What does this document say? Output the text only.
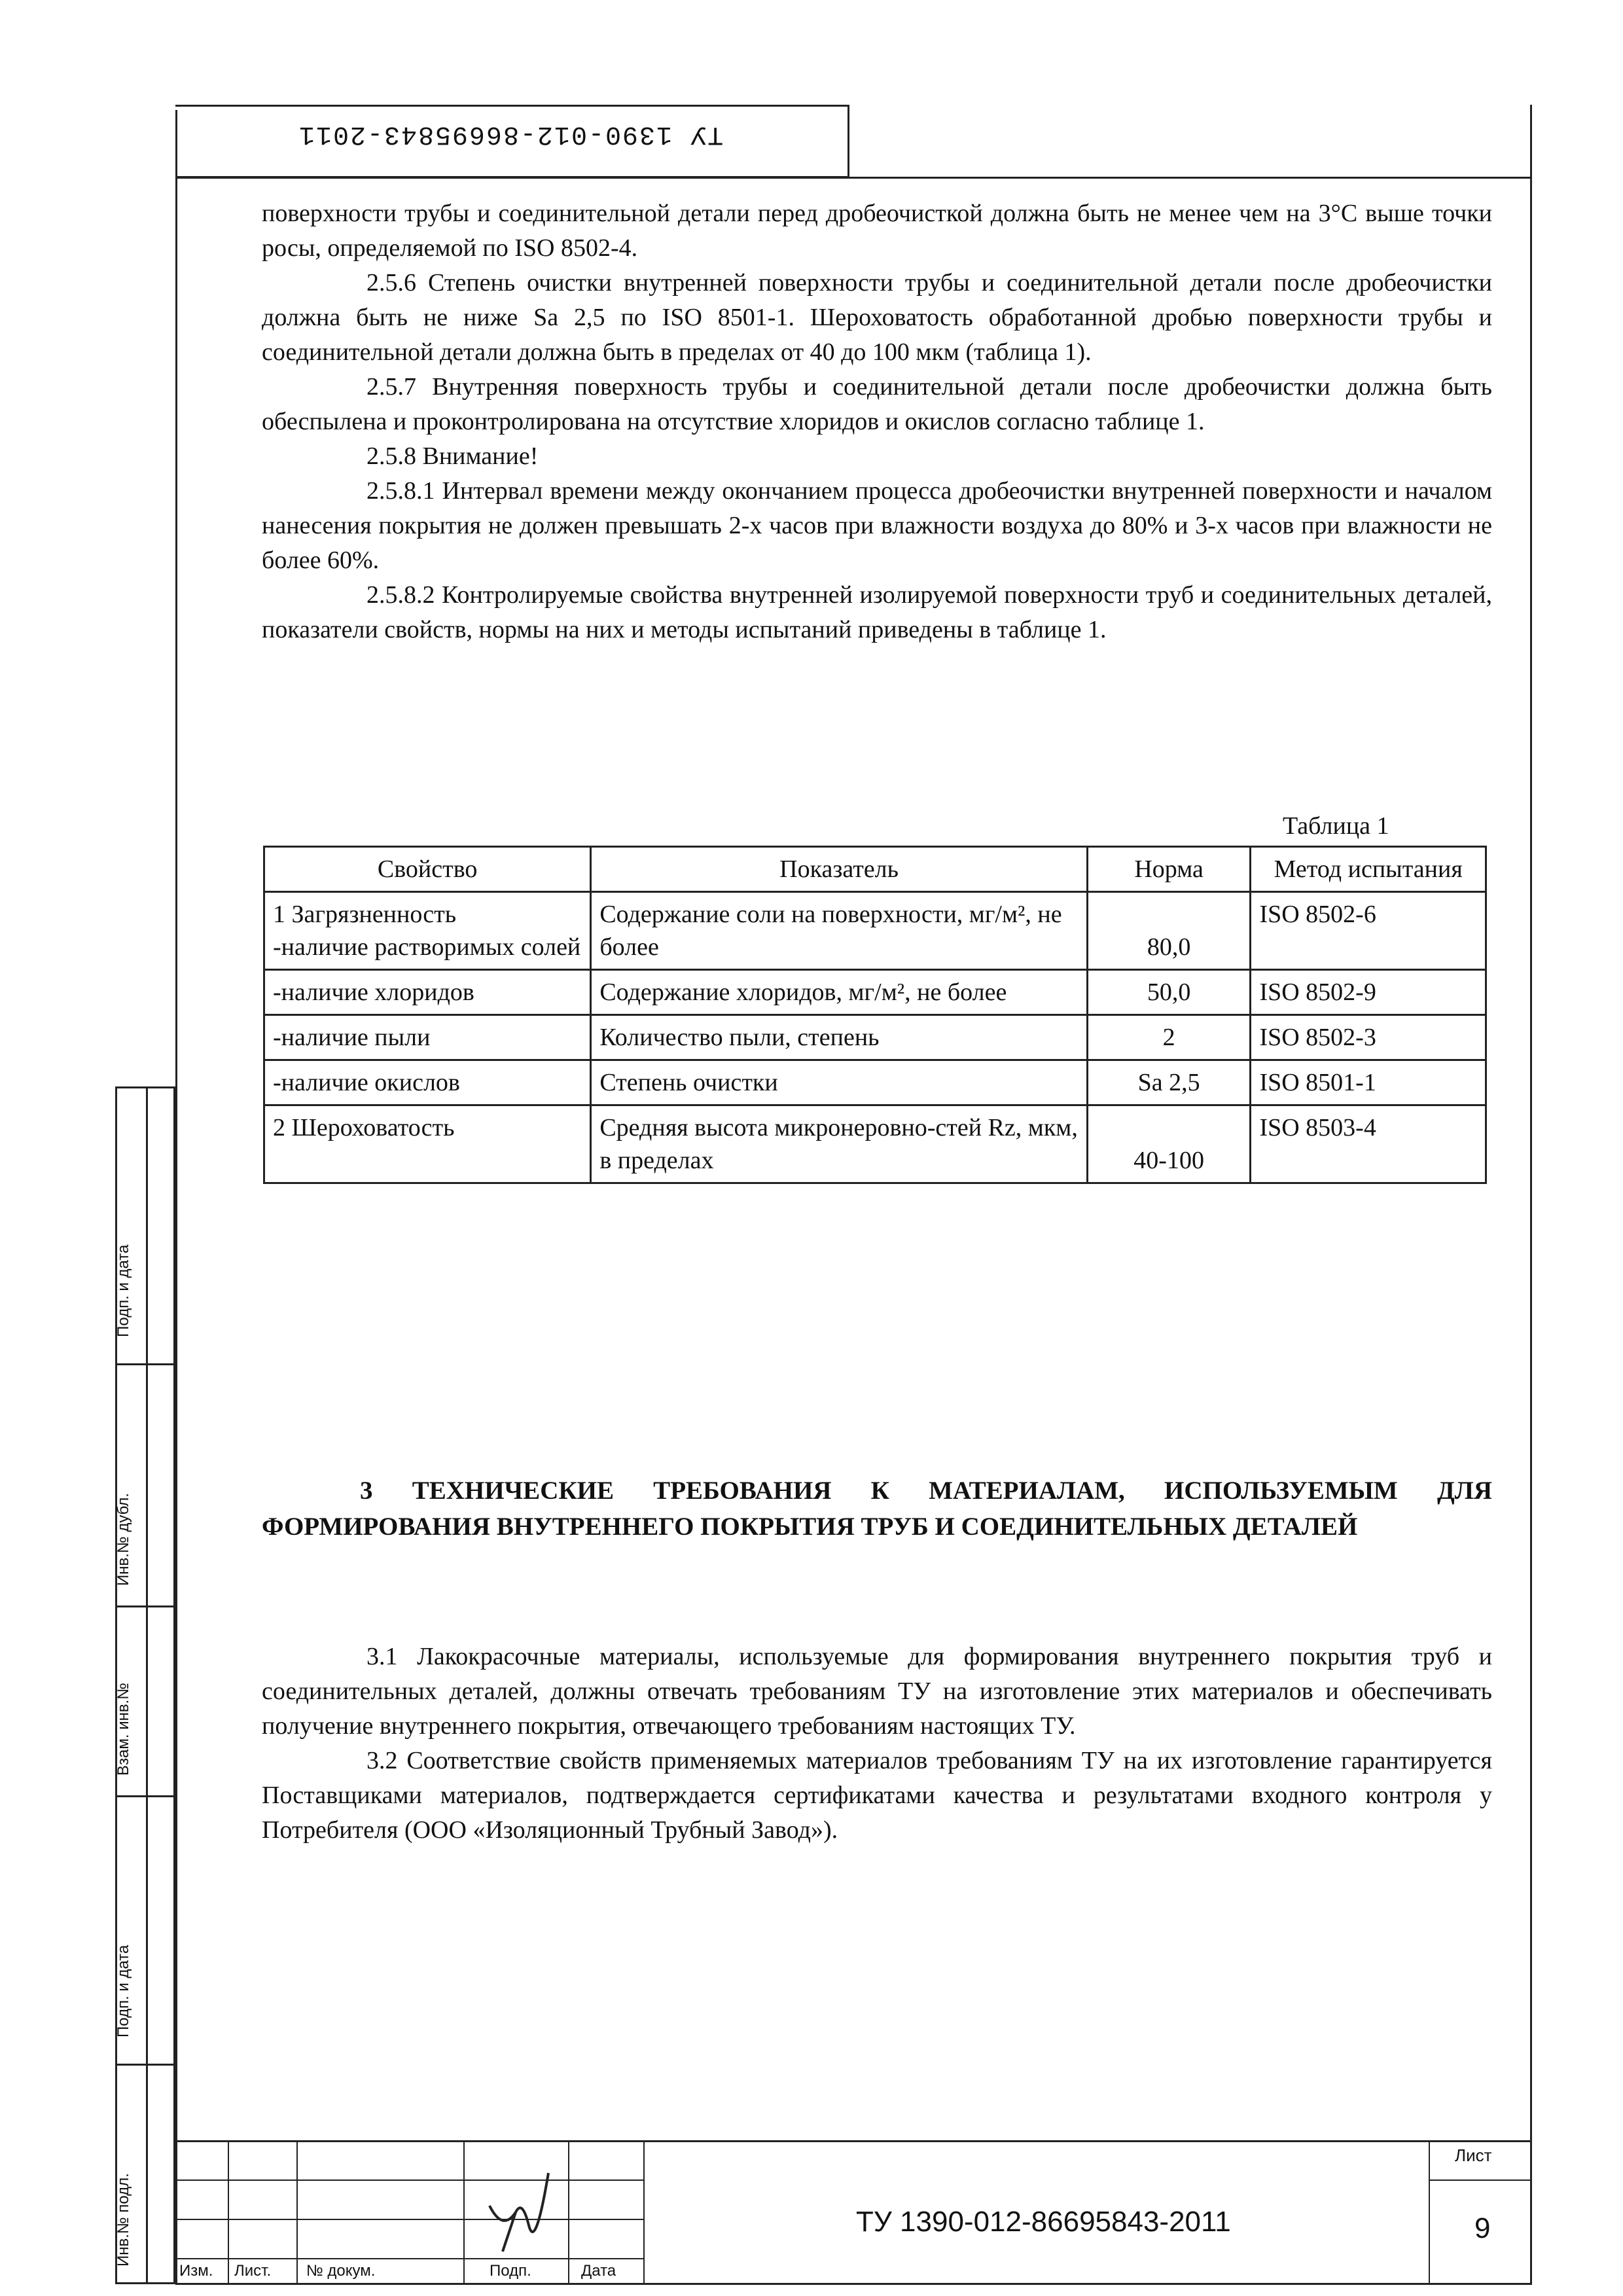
ТУ 1390-012-86695843-2011

поверхности трубы и соединительной детали перед дробеочисткой должна быть не менее чем на 3°С выше точки росы, определяемой по ISO 8502-4.

2.5.6 Степень очистки внутренней поверхности трубы и соединительной детали после дробеочистки должна быть не ниже Sa 2,5 по ISO 8501-1. Шероховатость обработанной дробью поверхности трубы и соединительной детали должна быть в пределах от 40 до 100 мкм (таблица 1).

2.5.7 Внутренняя поверхность трубы и соединительной детали после дробеочистки должна быть обеспылена и проконтролирована на отсутствие хлоридов и окислов согласно таблице 1.

2.5.8 Внимание!

2.5.8.1 Интервал времени между окончанием процесса дробеочистки внутренней поверхности и началом нанесения покрытия не должен превышать 2-х часов при влажности воздуха до 80% и 3-х часов при влажности не более 60%.

2.5.8.2 Контролируемые свойства внутренней изолируемой поверхности труб и соединительных деталей, показатели свойств, нормы на них и методы испытаний приведены в таблице 1.

Таблица 1
Свойство	Показатель	Норма	Метод испытания
1 Загрязненность
-наличие растворимых солей	Содержание соли на поверхности, мг/м², не более	80,0	ISO 8502-6
-наличие хлоридов	Содержание хлоридов, мг/м², не более	50,0	ISO 8502-9
-наличие пыли	Количество пыли, степень	2	ISO 8502-3
-наличие окислов	Степень очистки	Sa 2,5	ISO 8501-1
2 Шероховатость	Средняя высота микронеровно-стей Rz, мкм, в пределах	40-100	ISO 8503-4
3 ТЕХНИЧЕСКИЕ ТРЕБОВАНИЯ К МАТЕРИАЛАМ, ИСПОЛЬЗУЕМЫМ ДЛЯ ФОРМИРОВАНИЯ ВНУТРЕННЕГО ПОКРЫТИЯ ТРУБ И СОЕДИНИТЕЛЬНЫХ ДЕТАЛЕЙ

3.1 Лакокрасочные материалы, используемые для формирования внутреннего покрытия труб и соединительных деталей, должны отвечать требованиям ТУ на изготовление этих материалов и обеспечивать получение внутреннего покрытия, отвечающего требованиям настоящих ТУ.

3.2 Соответствие свойств применяемых материалов требованиям ТУ на их изготовление гарантируется Поставщиками материалов, подтверждается сертификатами качества и результатами входного контроля у Потребителя (ООО «Изоляционный Трубный Завод»).

Подп. и дата
Инв.№ дубл.
Взам. инв.№
Подп. и дата
Инв.№ подл.
Изм. Лист. № докум.	Подп.	Дата
ТУ 1390-012-86695843-2011
Лист
9
